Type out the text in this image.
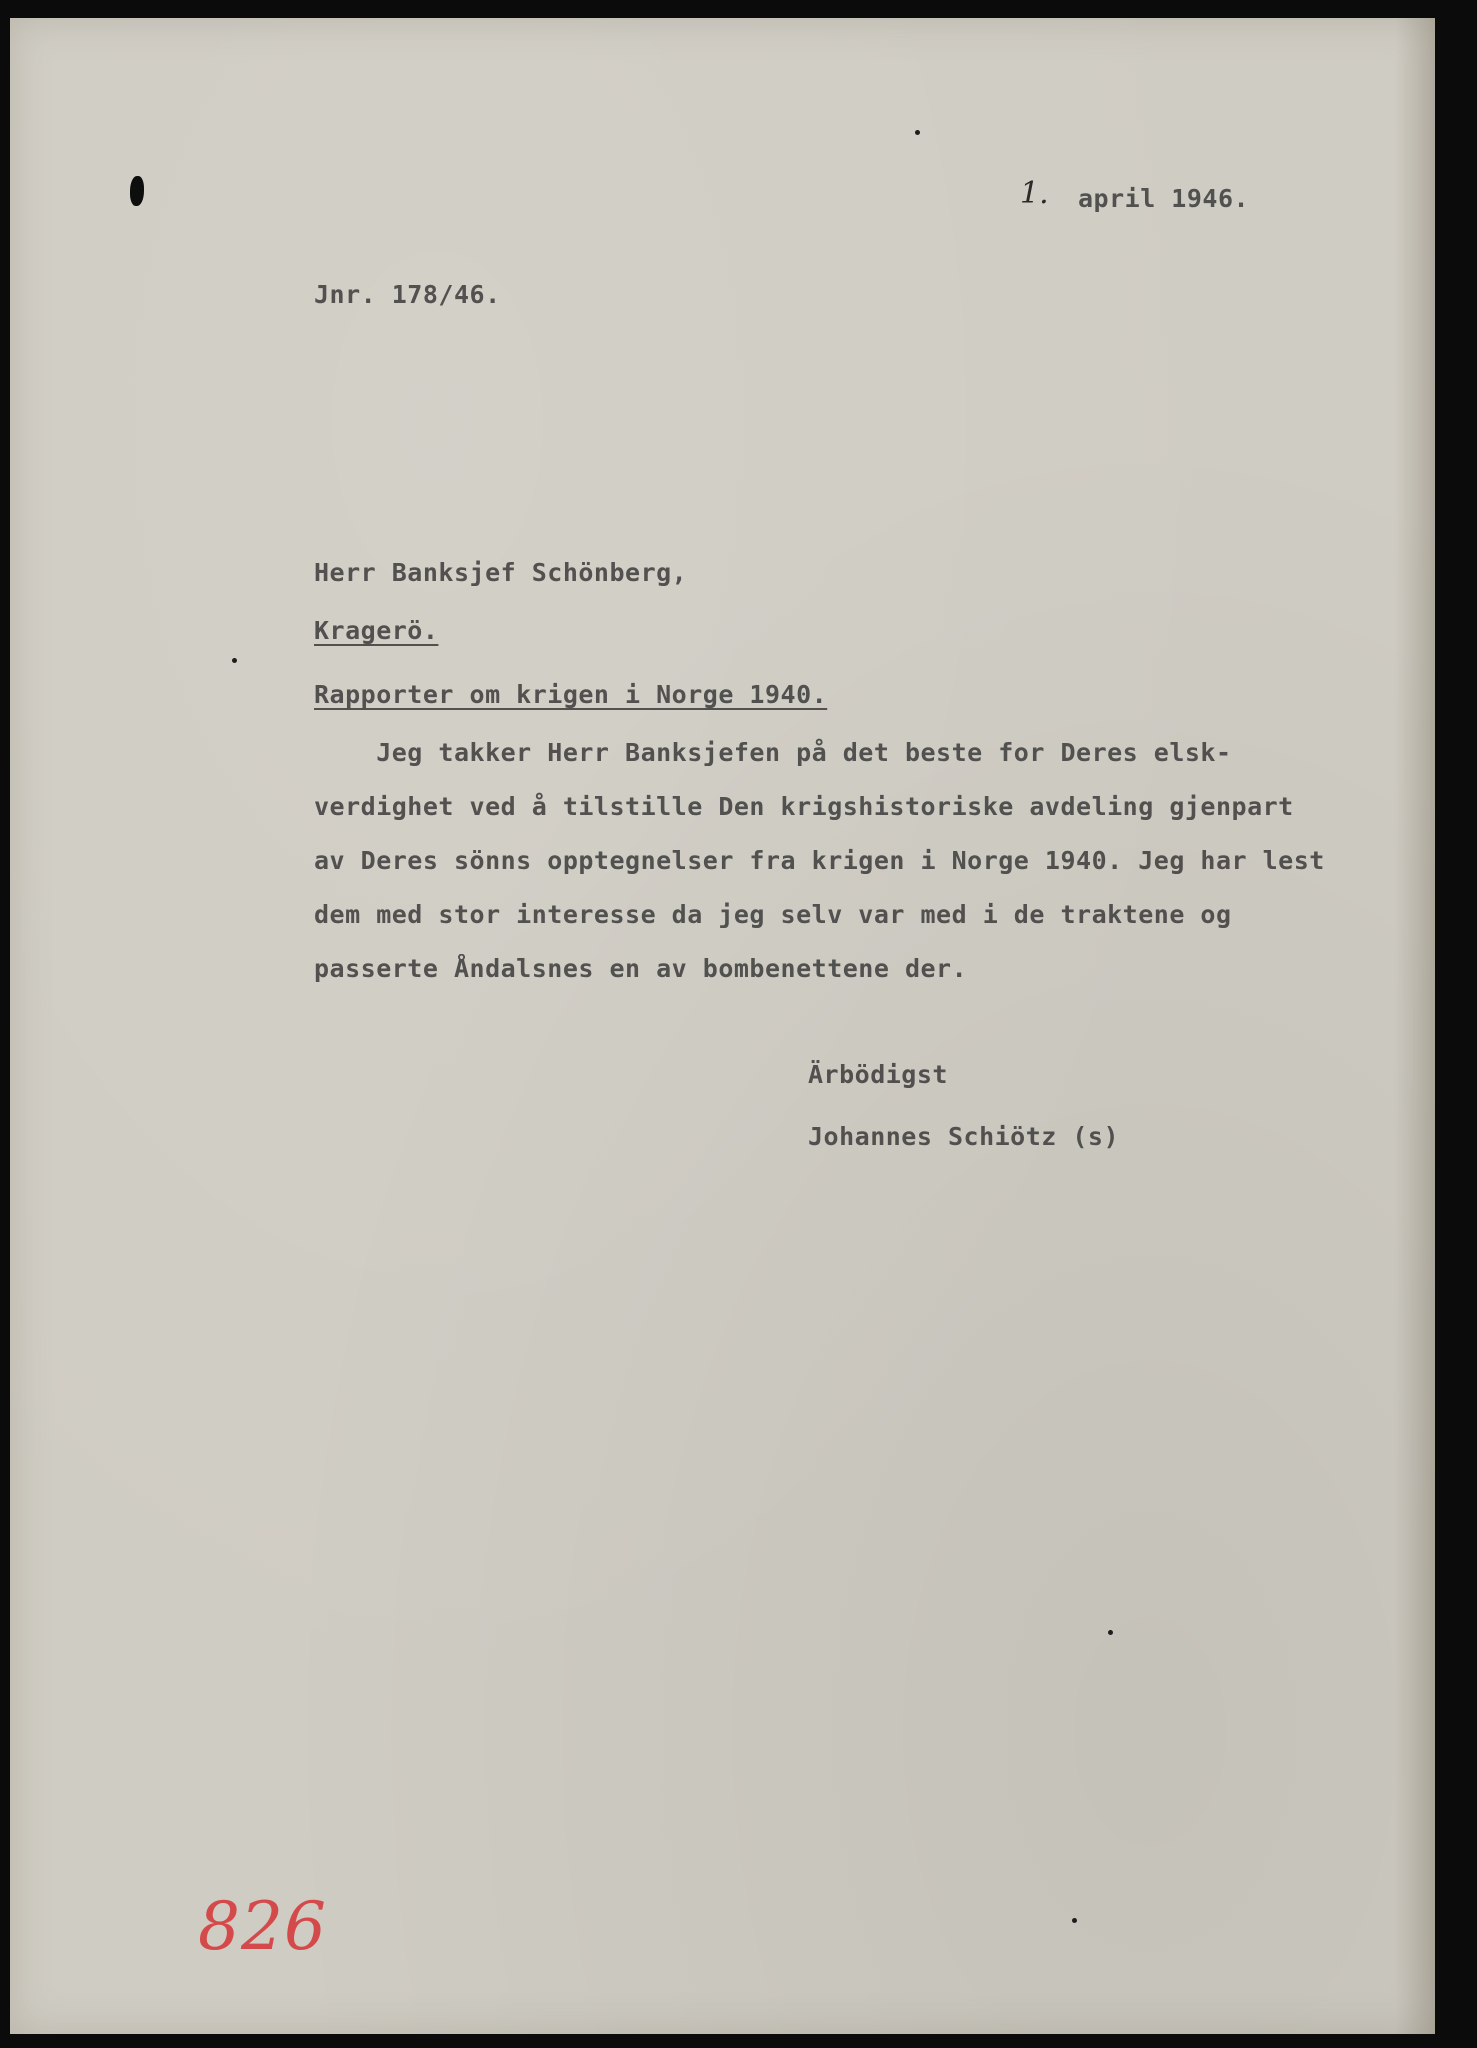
1. april 1946.
Jnr. 178/46.
Herr Banksjef Schönberg,
Kragerö.
Rapporter om krigen i Norge 1940.
Jeg takker Herr Banksjefen på det beste for Deres elsk-
verdighet ved å tilstille Den krigshistoriske avdeling gjenpart
av Deres sönns opptegnelser fra krigen i Norge 1940. Jeg har lest
dem med stor interesse da jeg selv var med i de traktene og
passerte Åndalsnes en av bombenettene der.
Ärbödigst
Johannes Schiötz (s)
826
